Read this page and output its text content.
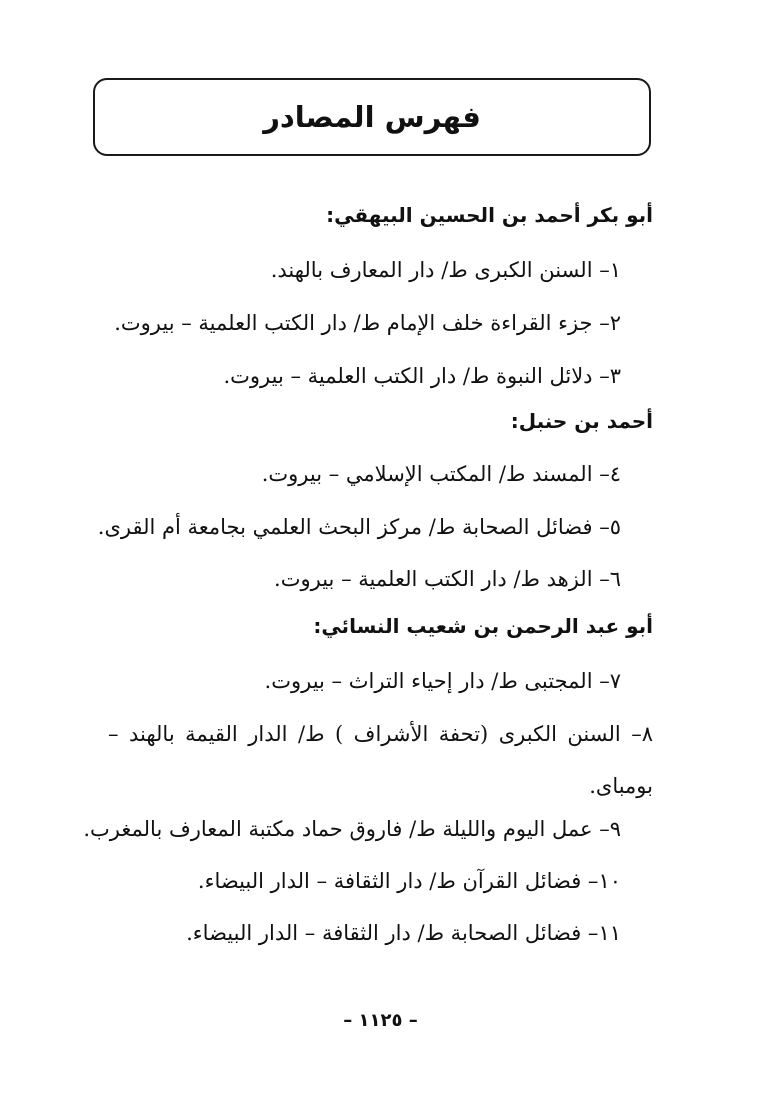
فهرس المصادر
أبو بكر أحمد بن الحسين البيهقي:
١– السنن الكبرى ط/ دار المعارف بالهند.
٢– جزء القراءة خلف الإمام ط/ دار الكتب العلمية – بيروت.
٣– دلائل النبوة ط/ دار الكتب العلمية – بيروت.
أحمد بن حنبل:
٤– المسند ط/ المكتب الإسلامي – بيروت.
٥– فضائل الصحابة ط/ مركز البحث العلمي بجامعة أم القرى.
٦– الزهد ط/ دار الكتب العلمية – بيروت.
أبو عبد الرحمن بن شعيب النسائي:
٧– المجتبى ط/ دار إحياء التراث – بيروت.
٨– السنن الكبرى (تحفة الأشراف ) ط/ الدار القيمة بالهند – بومباى.
٩– عمل اليوم والليلة ط/ فاروق حماد مكتبة المعارف بالمغرب.
١٠– فضائل القرآن ط/ دار الثقافة – الدار البيضاء.
١١– فضائل الصحابة ط/ دار الثقافة – الدار البيضاء.
– ١١٢٥ –
